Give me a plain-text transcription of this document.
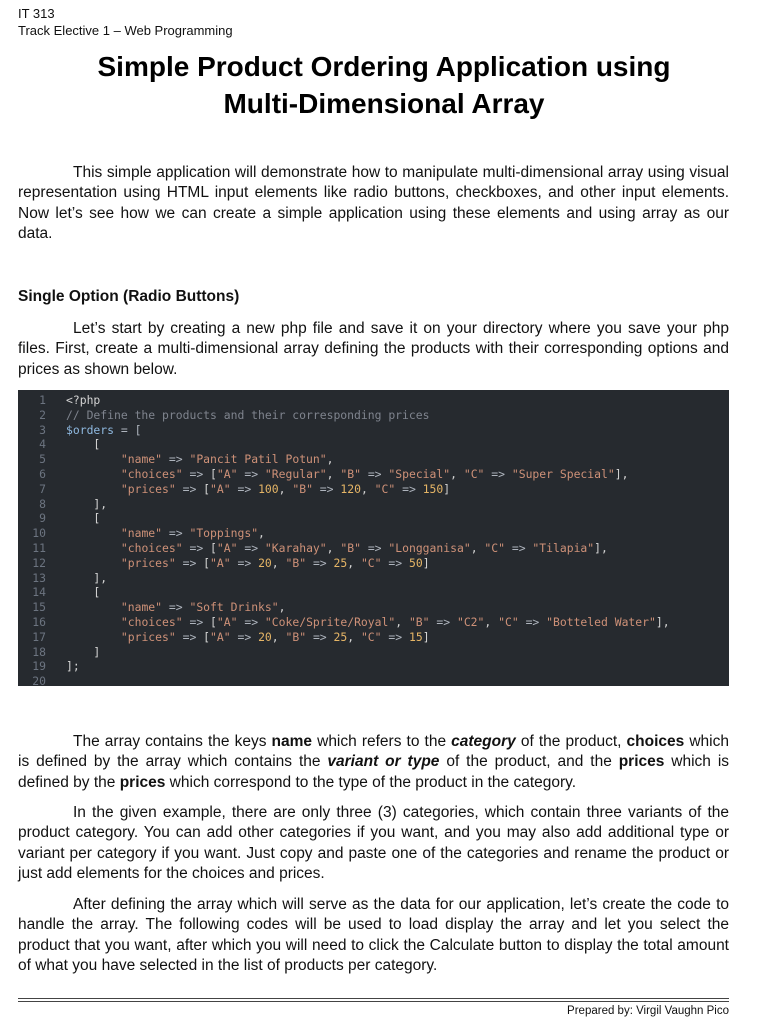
IT 313
Track Elective 1 – Web Programming
Simple Product Ordering Application using
Multi-Dimensional Array

This simple application will demonstrate how to manipulate multi-dimensional array using visual representation using HTML input elements like radio buttons, checkboxes, and other input elements. Now let’s see how we can create a simple application using these elements and using array as our data.

Single Option (Radio Buttons)

Let’s start by creating a new php file and save it on your directory where you save your php files. First, create a multi-dimensional array defining the products with their corresponding options and prices as shown below.

1 <?php
2 // Define the products and their corresponding prices
3 $orders = [
4 [
5	"name" => "Pancit Patil Potun",
6	"choices" => ["A" => "Regular", "B" => "Special", "C" => "Super Special"],
7	"prices" => ["A" => 100, "B" => 120, "C" => 150]
8 ],
9 [
10	"name" => "Toppings",
11	"choices" => ["A" => "Karahay", "B" => "Longganisa", "C" => "Tilapia"],
12	"prices" => ["A" => 20, "B" => 25, "C" => 50]
13 ],
14 [
15	"name" => "Soft Drinks",
16	"choices" => ["A" => "Coke/Sprite/Royal", "B" => "C2", "C" => "Botteled Water"],
17	"prices" => ["A" => 20, "B" => 25, "C" => 15]
18 ]
19 ];
20

The array contains the keys name which refers to the category of the product, choices which is defined by the array which contains the variant or type of the product, and the prices which is defined by the prices which correspond to the type of the product in the category.

In the given example, there are only three (3) categories, which contain three variants of the product category. You can add other categories if you want, and you may also add additional type or variant per category if you want. Just copy and paste one of the categories and rename the product or just add elements for the choices and prices.

After defining the array which will serve as the data for our application, let’s create the code to handle the array. The following codes will be used to load display the array and let you select the product that you want, after which you will need to click the Calculate button to display the total amount of what you have selected in the list of products per category.

Prepared by: Virgil Vaughn Pico
